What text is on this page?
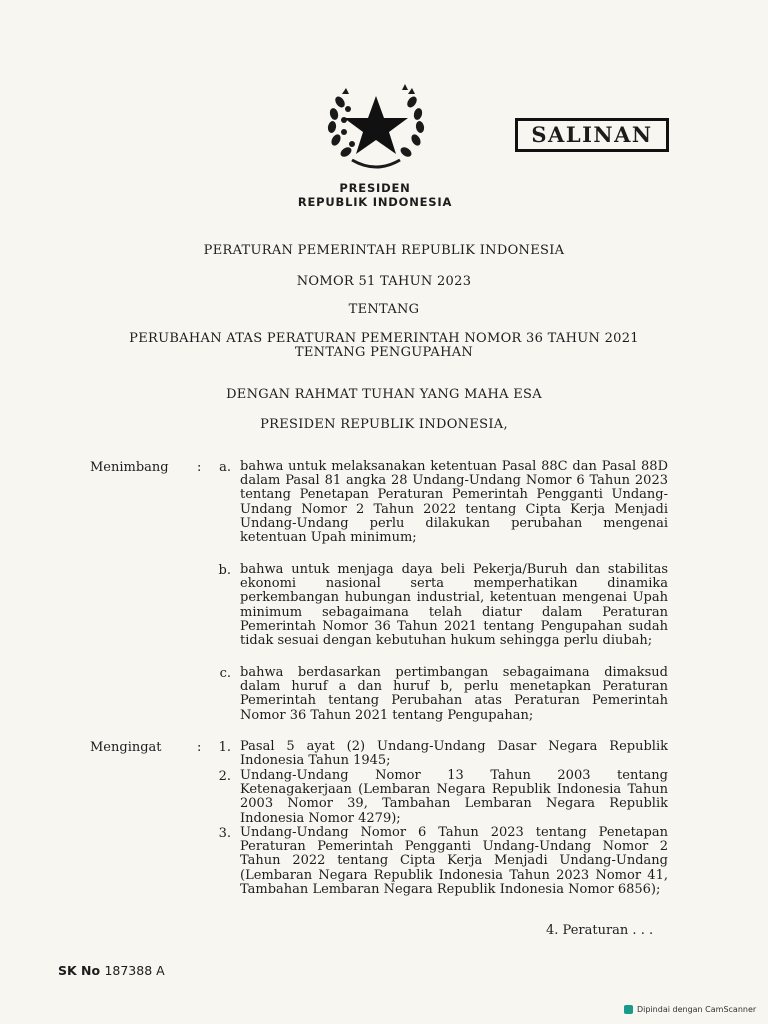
SALINAN
PRESIDEN
REPUBLIK INDONESIA
PERATURAN PEMERINTAH REPUBLIK INDONESIA
NOMOR 51 TAHUN 2023
TENTANG
PERUBAHAN ATAS PERATURAN PEMERINTAH NOMOR 36 TAHUN 2021
TENTANG PENGUPAHAN
DENGAN RAHMAT TUHAN YANG MAHA ESA
PRESIDEN REPUBLIK INDONESIA,
Menimbang :	a. bahwa untuk melaksanakan ketentuan Pasal 88C dan Pasal 88D dalam Pasal 81 angka 28 Undang-Undang Nomor 6 Tahun 2023 tentang Penetapan Peraturan Pemerintah Pengganti Undang-Undang Nomor 2 Tahun 2022 tentang Cipta Kerja Menjadi Undang-Undang perlu dilakukan perubahan mengenai ketentuan Upah minimum;
b. bahwa untuk menjaga daya beli Pekerja/Buruh dan stabilitas ekonomi nasional serta memperhatikan dinamika perkembangan hubungan industrial, ketentuan mengenai Upah minimum sebagaimana telah diatur dalam Peraturan Pemerintah Nomor 36 Tahun 2021 tentang Pengupahan sudah tidak sesuai dengan kebutuhan hukum sehingga perlu diubah;
c. bahwa berdasarkan pertimbangan sebagaimana dimaksud dalam huruf a dan huruf b, perlu menetapkan Peraturan Pemerintah tentang Perubahan atas Peraturan Pemerintah Nomor 36 Tahun 2021 tentang Pengupahan;
Mengingat	:	1. Pasal 5 ayat (2) Undang-Undang Dasar Negara Republik Indonesia Tahun 1945;
2. Undang-Undang Nomor 13 Tahun 2003 tentang Ketenagakerjaan (Lembaran Negara Republik Indonesia Tahun 2003 Nomor 39, Tambahan Lembaran Negara Republik Indonesia Nomor 4279);
3. Undang-Undang Nomor 6 Tahun 2023 tentang Penetapan Peraturan Pemerintah Pengganti Undang-Undang Nomor 2 Tahun 2022 tentang Cipta Kerja Menjadi Undang-Undang (Lembaran Negara Republik Indonesia Tahun 2023 Nomor 41, Tambahan Lembaran Negara Republik Indonesia Nomor 6856);
4. Peraturan . . .
SK No 187388 A
Dipindai dengan CamScanner
